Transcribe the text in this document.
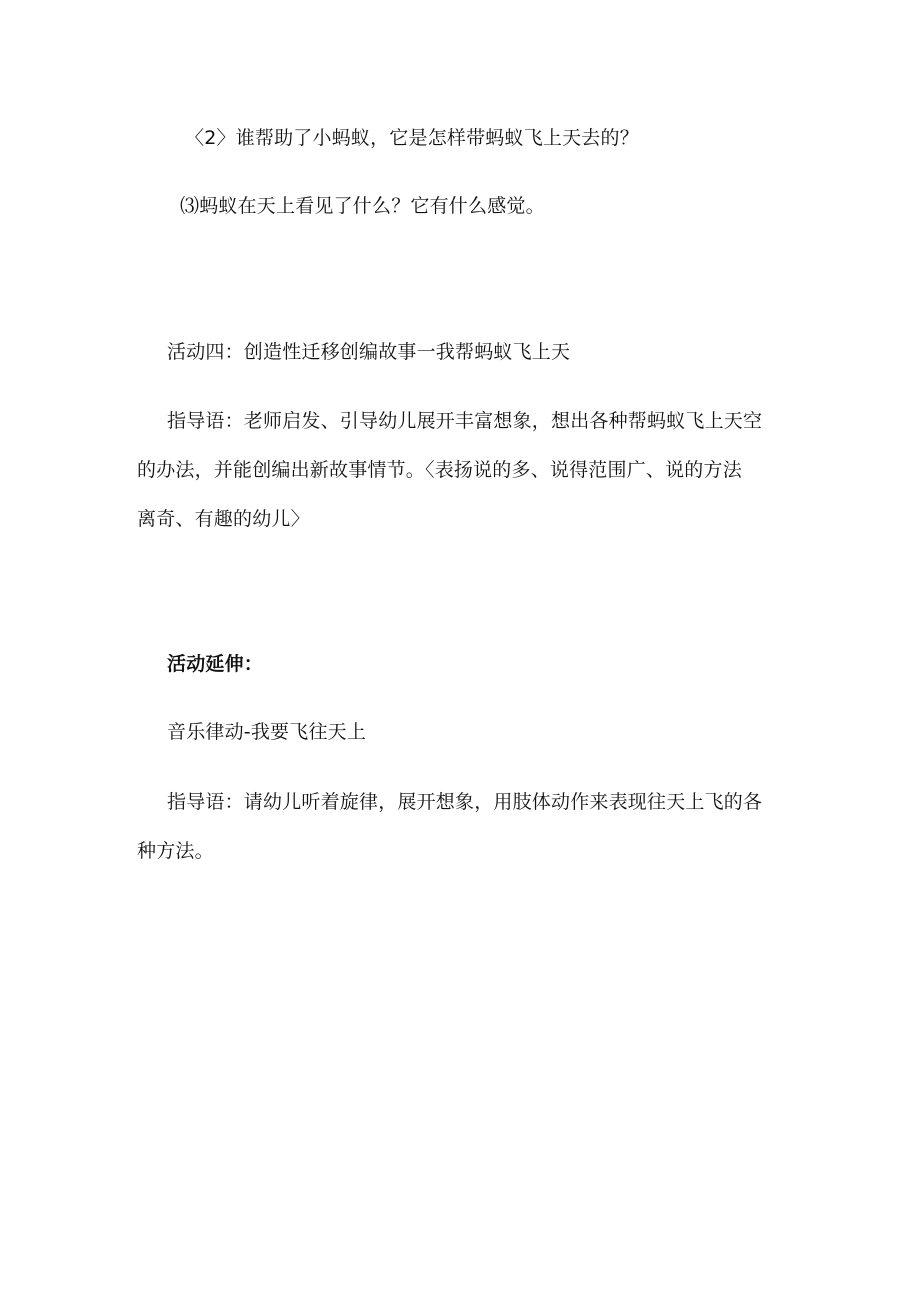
〈2〉谁帮助了小蚂蚁，它是怎样带蚂蚁飞上天去的？
⑶蚂蚁在天上看见了什么？它有什么感觉。
活动四：创造性迁移创编故事一我帮蚂蚁飞上天
指导语：老师启发、引导幼儿展开丰富想象，想出各种帮蚂蚁飞上天空
的办法，并能创编出新故事情节。〈表扬说的多、说得范围广、说的方法
离奇、有趣的幼儿〉
活动延伸：
音乐律动-我要飞往天上
指导语：请幼儿听着旋律，展开想象，用肢体动作来表现往天上飞的各
种方法。
